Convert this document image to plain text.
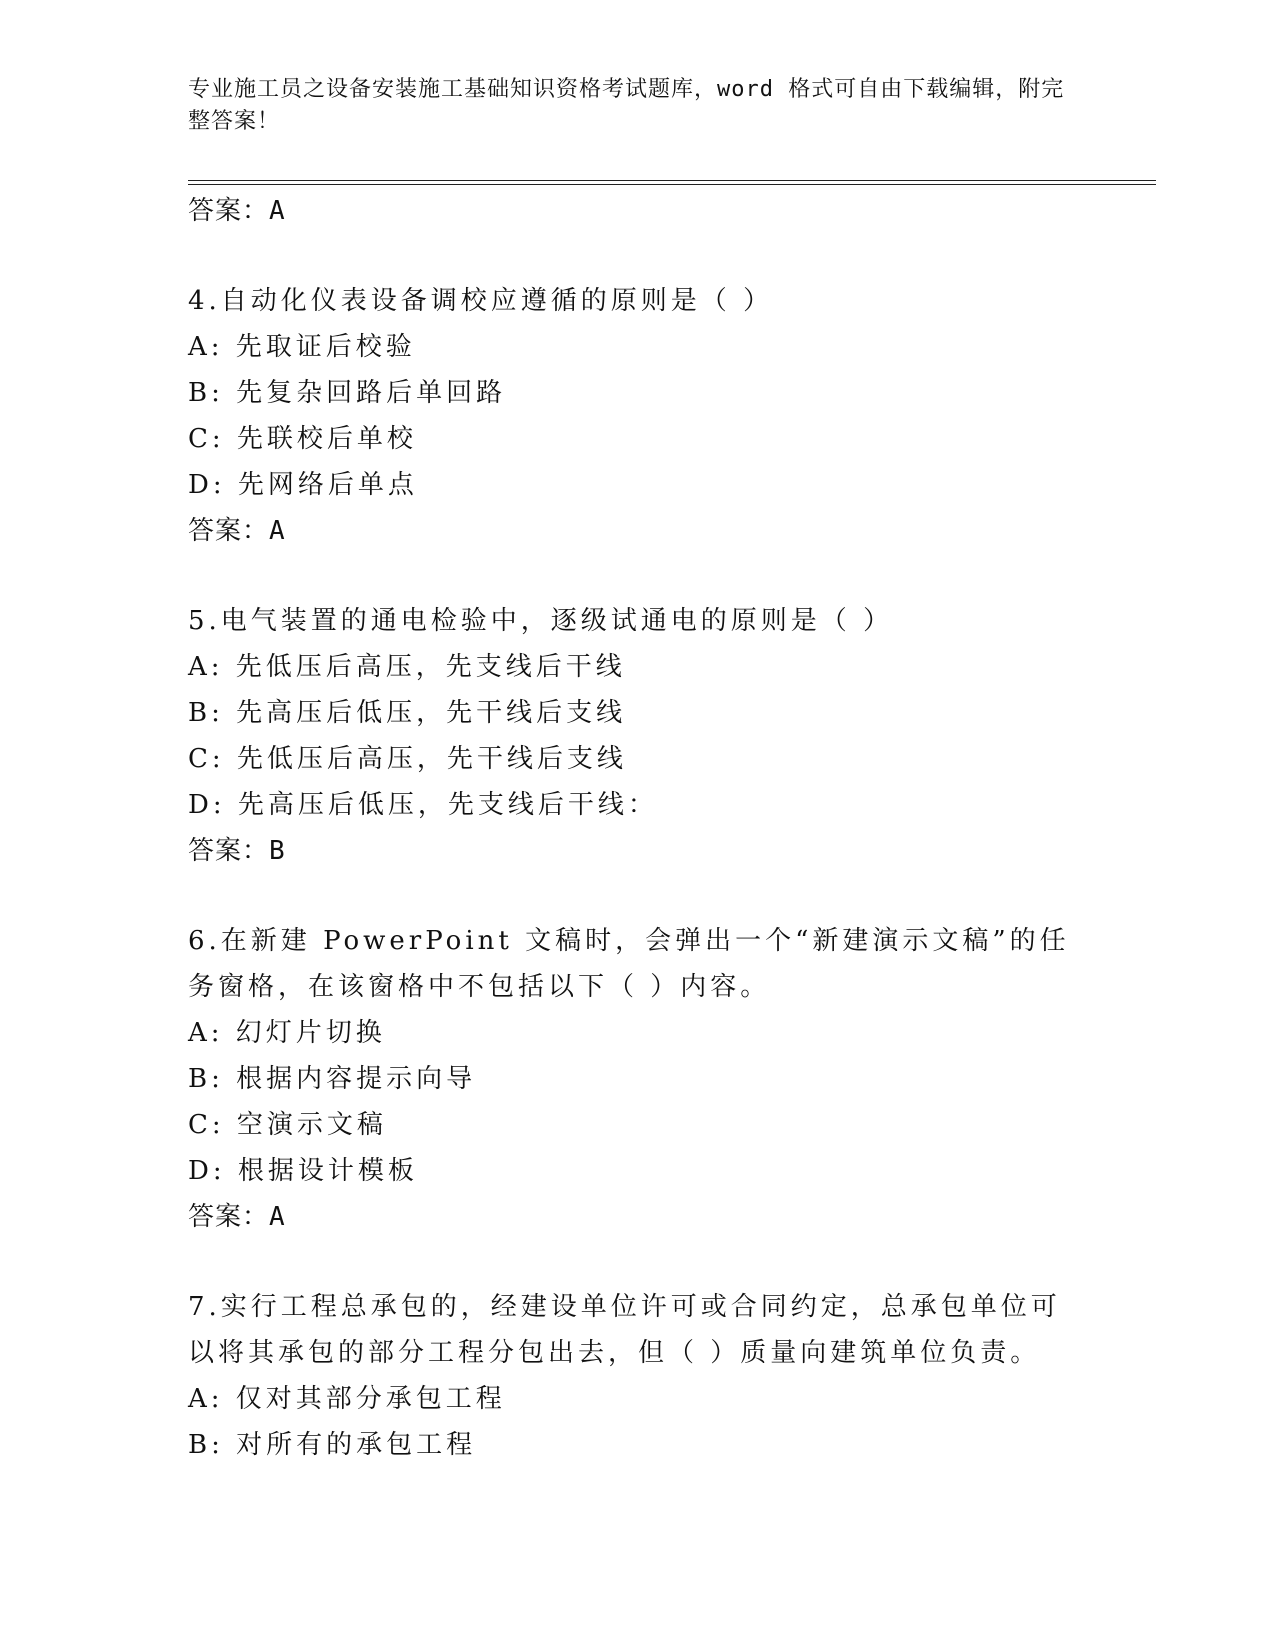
专业施工员之设备安装施工基础知识资格考试题库，word 格式可自由下载编辑，附完整答案！
答案：A
4.自动化仪表设备调校应遵循的原则是（ ）
A: 先取证后校验
B: 先复杂回路后单回路
C: 先联校后单校
D: 先网络后单点
答案：A
5.电气装置的通电检验中，逐级试通电的原则是（ ）
A: 先低压后高压，先支线后干线
B: 先高压后低压，先干线后支线
C: 先低压后高压，先干线后支线
D: 先高压后低压，先支线后干线：
答案：B
6.在新建 PowerPoint 文稿时，会弹出一个“新建演示文稿”的任务窗格，在该窗格中不包括以下（ ）内容。
A: 幻灯片切换
B: 根据内容提示向导
C: 空演示文稿
D: 根据设计模板
答案：A
7.实行工程总承包的，经建设单位许可或合同约定，总承包单位可以将其承包的部分工程分包出去，但（ ）质量向建筑单位负责。
A: 仅对其部分承包工程
B: 对所有的承包工程
